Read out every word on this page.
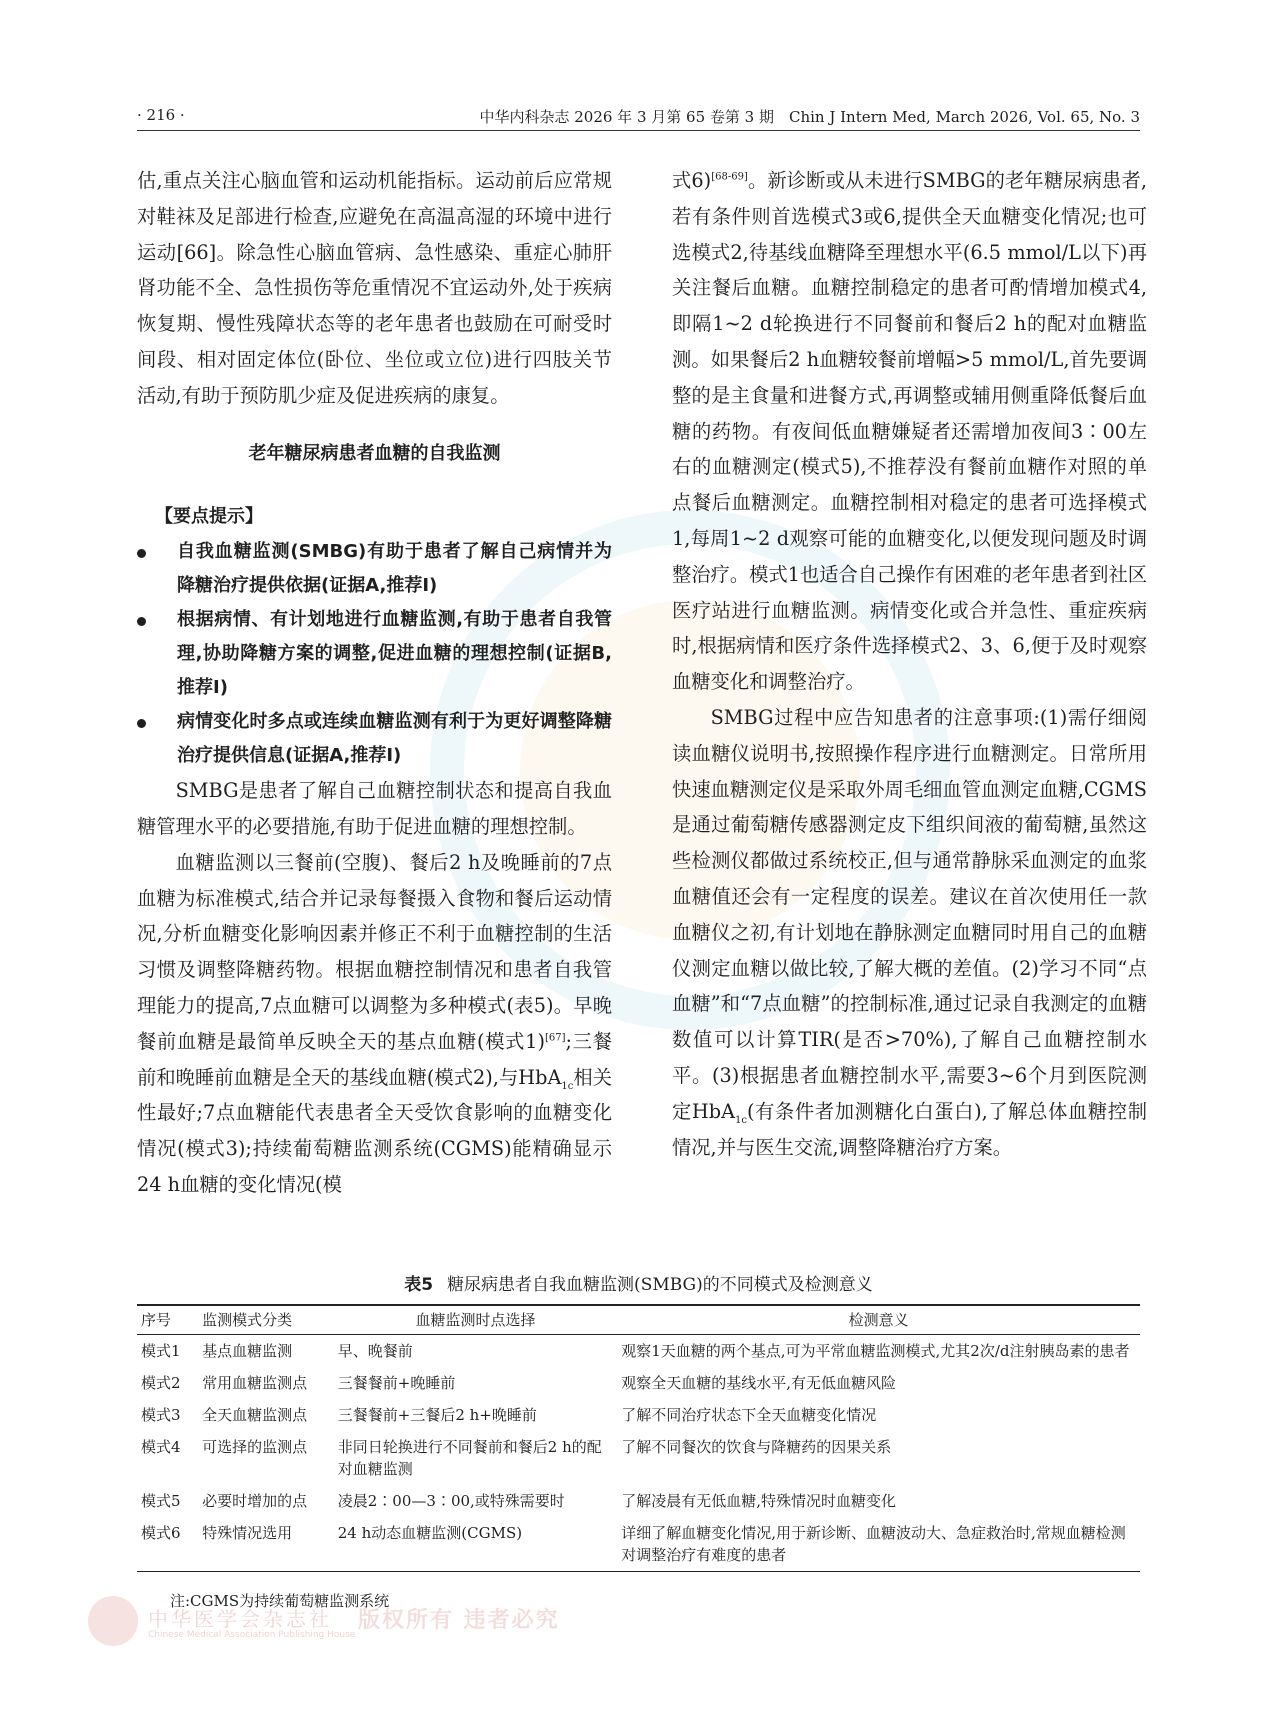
· 216 ·	中华内科杂志 2026 年 3 月第 65 卷第 3 期　Chin J Intern Med, March 2026, Vol. 65, No. 3

估,重点关注心脑血管和运动机能指标。运动前后应常规对鞋袜及足部进行检查,应避免在高温高湿的环境中进行运动[66]。除急性心脑血管病、急性感染、重症心肺肝肾功能不全、急性损伤等危重情况不宜运动外,处于疾病恢复期、慢性残障状态等的老年患者也鼓励在可耐受时间段、相对固定体位(卧位、坐位或立位)进行四肢关节活动,有助于预防肌少症及促进疾病的康复。

老年糖尿病患者血糖的自我监测
【要点提示】
自我血糖监测(SMBG)有助于患者了解自己病情并为降糖治疗提供依据(证据A,推荐Ⅰ)
根据病情、有计划地进行血糖监测,有助于患者自我管理,协助降糖方案的调整,促进血糖的理想控制(证据B,推荐Ⅰ)
病情变化时多点或连续血糖监测有利于为更好调整降糖治疗提供信息(证据A,推荐Ⅰ)

SMBG是患者了解自己血糖控制状态和提高自我血糖管理水平的必要措施,有助于促进血糖的理想控制。

血糖监测以三餐前(空腹)、餐后2 h及晚睡前的7点血糖为标准模式,结合并记录每餐摄入食物和餐后运动情况,分析血糖变化影响因素并修正不利于血糖控制的生活习惯及调整降糖药物。根据血糖控制情况和患者自我管理能力的提高,7点血糖可以调整为多种模式(表5)。早晚餐前血糖是最简单反映全天的基点血糖(模式1)[67];三餐前和晚睡前血糖是全天的基线血糖(模式2),与HbA$_{1c}$相关性最好;7点血糖能代表患者全天受饮食影响的血糖变化情况(模式3);持续葡萄糖监测系统(CGMS)能精确显示24 h血糖的变化情况(模

式6)[68-69]。新诊断或从未进行SMBG的老年糖尿病患者,若有条件则首选模式3或6,提供全天血糖变化情况;也可选模式2,待基线血糖降至理想水平(6.5 mmol/L以下)再关注餐后血糖。血糖控制稳定的患者可酌情增加模式4,即隔1~2 d轮换进行不同餐前和餐后2 h的配对血糖监测。如果餐后2 h血糖较餐前增幅>5 mmol/L,首先要调整的是主食量和进餐方式,再调整或辅用侧重降低餐后血糖的药物。有夜间低血糖嫌疑者还需增加夜间3∶00左右的血糖测定(模式5),不推荐没有餐前血糖作对照的单点餐后血糖测定。血糖控制相对稳定的患者可选择模式1,每周1~2 d观察可能的血糖变化,以便发现问题及时调整治疗。模式1也适合自己操作有困难的老年患者到社区医疗站进行血糖监测。病情变化或合并急性、重症疾病时,根据病情和医疗条件选择模式2、3、6,便于及时观察血糖变化和调整治疗。

SMBG过程中应告知患者的注意事项:(1)需仔细阅读血糖仪说明书,按照操作程序进行血糖测定。日常所用快速血糖测定仪是采取外周毛细血管血测定血糖,CGMS是通过葡萄糖传感器测定皮下组织间液的葡萄糖,虽然这些检测仪都做过系统校正,但与通常静脉采血测定的血浆血糖值还会有一定程度的误差。建议在首次使用任一款血糖仪之初,有计划地在静脉测定血糖同时用自己的血糖仪测定血糖以做比较,了解大概的差值。(2)学习不同“点血糖”和“7点血糖”的控制标准,通过记录自我测定的血糖数值可以计算TIR(是否>70%),了解自己血糖控制水平。(3)根据患者血糖控制水平,需要3~6个月到医院测定HbA$_{1c}$(有条件者加测糖化白蛋白),了解总体血糖控制情况,并与医生交流,调整降糖治疗方案。

表5 糖尿病患者自我血糖监测(SMBG)的不同模式及检测意义
序号	监测模式分类	血糖监测时点选择	检测意义
模式1	基点血糖监测	早、晚餐前	观察1天血糖的两个基点,可为平常血糖监测模式,尤其2次/d注射胰岛素的患者
模式2	常用血糖监测点	三餐餐前+晚睡前	观察全天血糖的基线水平,有无低血糖风险
模式3	全天血糖监测点	三餐餐前+三餐后2 h+晚睡前	了解不同治疗状态下全天血糖变化情况
模式4	可选择的监测点	非同日轮换进行不同餐前和餐后2 h的配对血糖监测	了解不同餐次的饮食与降糖药的因果关系
模式5	必要时增加的点	凌晨2∶00—3∶00,或特殊需要时	了解凌晨有无低血糖,特殊情况时血糖变化
模式6	特殊情况选用	24 h动态血糖监测(CGMS)	详细了解血糖变化情况,用于新诊断、血糖波动大、急症救治时,常规血糖检测对调整治疗有难度的患者
注:CGMS为持续葡萄糖监测系统
中华医学会杂志社
Chinese Medical Association Publishing House
版权所有 违者必究
